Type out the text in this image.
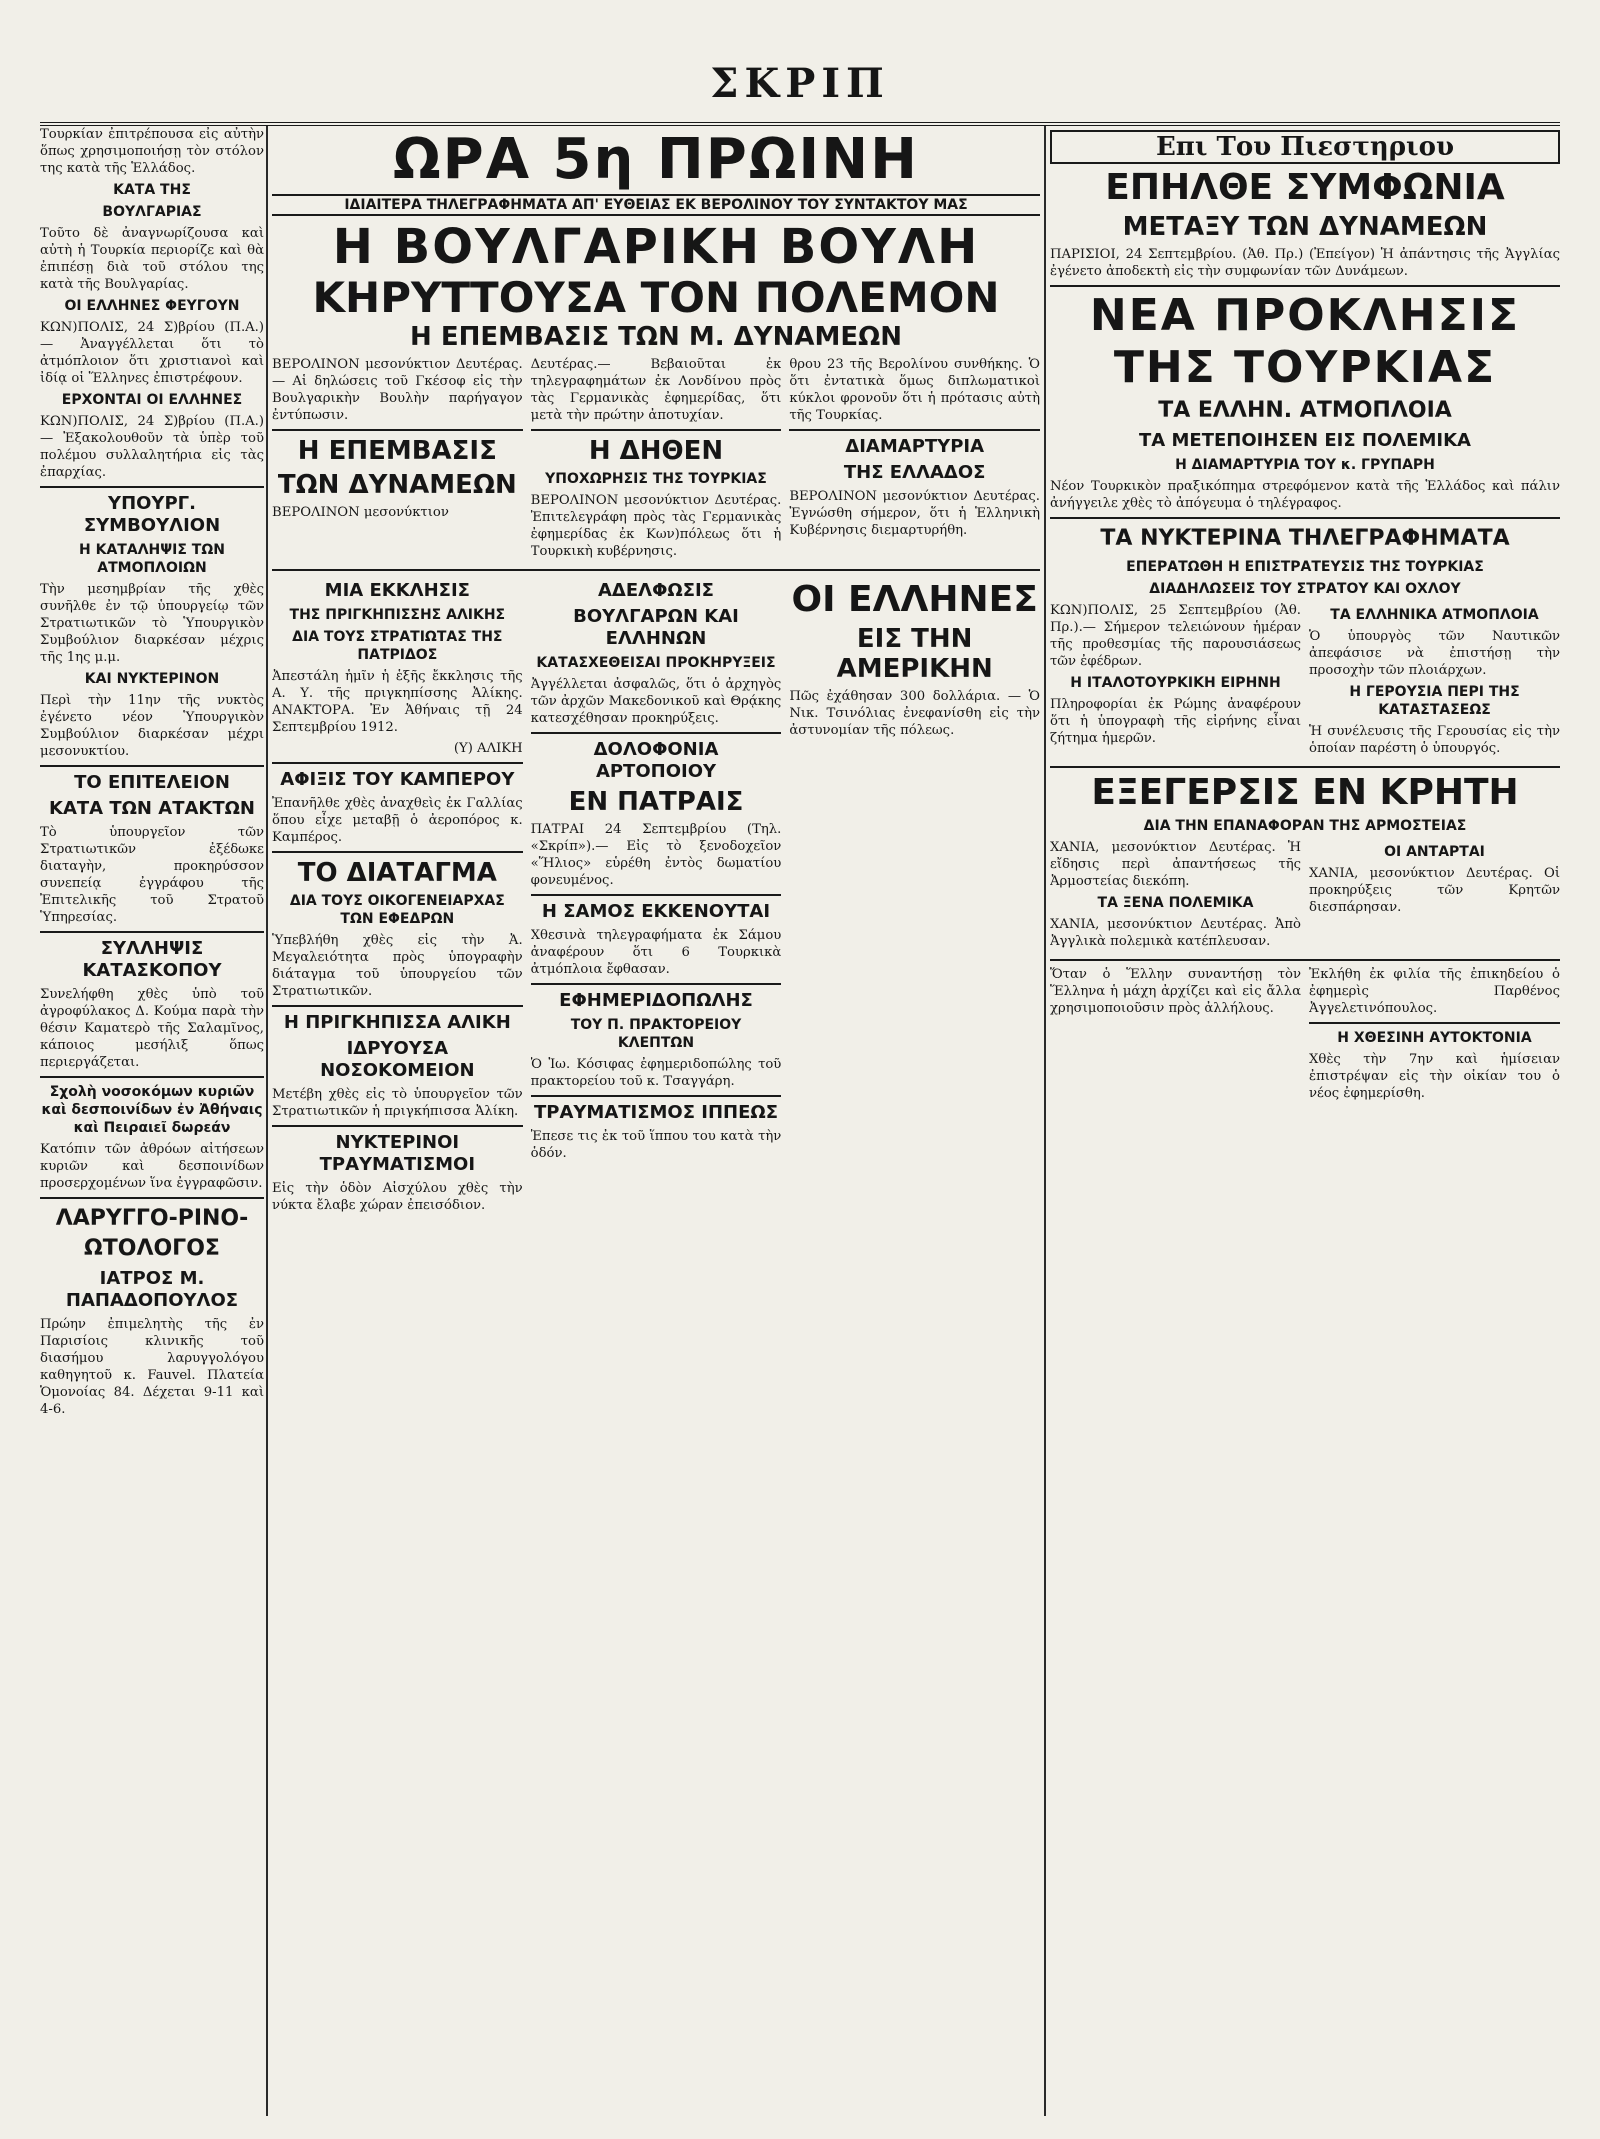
ΣΚΡΙΠ

Τουρκίαν ἐπιτρέπουσα εἰς αὐτὴν ὅπως χρησιμοποιήσῃ τὸν στόλον της κατὰ τῆς Ἑλλάδος.

ΚΑΤΑ ΤΗΣ
ΒΟΥΛΓΑΡΙΑΣ

Τοῦτο δὲ ἀναγνωρίζουσα καὶ αὐτὴ ἡ Τουρκία περιορίζε καὶ θὰ ἐπιπέσῃ διὰ τοῦ στόλου της κατὰ τῆς Βουλγαρίας.

ΟΙ ΕΛΛΗΝΕΣ ΦΕΥΓΟΥΝ

ΚΩΝ)ΠΟΛΙΣ, 24 Σ)βρίου (Π.Α.) — Ἀναγγέλλεται ὅτι τὸ ἀτμόπλοιον ὅτι χριστιανοὶ καὶ ἰδίᾳ οἱ Ἕλληνες ἐπιστρέφουν.

ΕΡΧΟΝΤΑΙ ΟΙ ΕΛΛΗΝΕΣ

ΚΩΝ)ΠΟΛΙΣ, 24 Σ)βρίου (Π.Α.) — Ἐξακολουθοῦν τὰ ὑπὲρ τοῦ πολέμου συλλαλητήρια εἰς τὰς ἐπαρχίας.

ΥΠΟΥΡΓ. ΣΥΜΒΟΥΛΙΟΝ
Η ΚΑΤΑΛΗΨΙΣ ΤΩΝ ΑΤΜΟΠΛΟΙΩΝ

Τὴν μεσημβρίαν τῆς χθὲς συνῆλθε ἐν τῷ ὑπουργείῳ τῶν Στρατιωτικῶν τὸ Ὑπουργικὸν Συμβούλιον διαρκέσαν μέχρις τῆς 1ης μ.μ.

ΚΑΙ ΝΥΚΤΕΡΙΝΟΝ

Περὶ τὴν 11ην τῆς νυκτὸς ἐγένετο νέον Ὑπουργικὸν Συμβούλιον διαρκέσαν μέχρι μεσονυκτίου.

ΤΟ ΕΠΙΤΕΛΕΙΟΝ
ΚΑΤΑ ΤΩΝ ΑΤΑΚΤΩΝ

Τὸ ὑπουργεῖον τῶν Στρατιωτικῶν ἐξέδωκε διαταγὴν, προκηρύσσον συνεπείᾳ ἐγγράφου τῆς Ἐπιτελικῆς τοῦ Στρατοῦ Ὑπηρεσίας.

ΣΥΛΛΗΨΙΣ ΚΑΤΑΣΚΟΠΟΥ

Συνελήφθη χθὲς ὑπὸ τοῦ ἀγροφύλακος Δ. Κούμα παρὰ τὴν θέσιν Καματερὸ τῆς Σαλαμῖνος, κάποιος μεσήλιξ ὅπως περιεργάζεται.

Σχολὴ νοσοκόμων κυριῶν καὶ δεσποινίδων ἐν Ἀθήναις καὶ Πειραιεῖ δωρεάν

Κατόπιν τῶν ἀθρόων αἰτήσεων κυριῶν καὶ δεσποινίδων προσερχομένων ἵνα ἐγγραφῶσιν.

ΛΑΡΥΓΓΟ-ΡΙΝΟ-ΩΤΟΛΟΓΟΣ
ΙΑΤΡΟΣ Μ. ΠΑΠΑΔΟΠΟΥΛΟΣ

Πρώην ἐπιμελητὴς τῆς ἐν Παρισίοις κλινικῆς τοῦ διασήμου λαρυγγολόγου καθηγητοῦ κ. Fauvel. Πλατεία Ὁμονοίας 84. Δέχεται 9-11 καὶ 4-6.

ΩΡΑ 5η ΠΡΩΙΝΗ
ΙΔΙΑΙΤΕΡΑ ΤΗΛΕΓΡΑΦΗΜΑΤΑ ΑΠ' ΕΥΘΕΙΑΣ ΕΚ ΒΕΡΟΛΙΝΟΥ ΤΟΥ ΣΥΝΤΑΚΤΟΥ ΜΑΣ
Η ΒΟΥΛΓΑΡΙΚΗ ΒΟΥΛΗ
ΚΗΡΥΤΤΟΥΣΑ ΤΟΝ ΠΟΛΕΜΟΝ
Η ΕΠΕΜΒΑΣΙΣ ΤΩΝ Μ. ΔΥΝΑΜΕΩΝ

ΒΕΡΟΛΙΝΟΝ μεσονύκτιον Δευτέρας.— Αἱ δηλώσεις τοῦ Γκέσοφ εἰς τὴν Βουλγαρικὴν Βουλὴν παρήγαγον ἐντύπωσιν.

Η ΕΠΕΜΒΑΣΙΣ
ΤΩΝ ΔΥΝΑΜΕΩΝ

ΒΕΡΟΛΙΝΟΝ μεσονύκτιον

Δευτέρας.— Βεβαιοῦται ἐκ τηλεγραφημάτων ἐκ Λονδίνου πρὸς τὰς Γερμανικὰς ἐφημερίδας, ὅτι μετὰ τὴν πρώτην ἀποτυχίαν.

Η ΔΗΘΕΝ
ΥΠΟΧΩΡΗΣΙΣ ΤΗΣ ΤΟΥΡΚΙΑΣ

ΒΕΡΟΛΙΝΟΝ μεσονύκτιον Δευτέρας. Ἐπιτελεγράφη πρὸς τὰς Γερμανικὰς ἐφημερίδας ἐκ Κων)πόλεως ὅτι ἡ Τουρκικὴ κυβέρνησις.

θρου 23 τῆς Βερολίνου συνθήκης. Ὁ ὅτι ἐντατικὰ ὅμως διπλωματικοὶ κύκλοι φρονοῦν ὅτι ἡ πρότασις αὐτὴ τῆς Τουρκίας.

ΔΙΑΜΑΡΤΥΡΙΑ
ΤΗΣ ΕΛΛΑΔΟΣ

ΒΕΡΟΛΙΝΟΝ μεσονύκτιον Δευτέρας. Ἐγνώσθη σήμερον, ὅτι ἡ Ἑλληνικὴ Κυβέρνησις διεμαρτυρήθη.

ΜΙΑ ΕΚΚΛΗΣΙΣ
ΤΗΣ ΠΡΙΓΚΗΠΙΣΣΗΣ ΑΛΙΚΗΣ
ΔΙΑ ΤΟΥΣ ΣΤΡΑΤΙΩΤΑΣ ΤΗΣ ΠΑΤΡΙΔΟΣ

Ἀπεστάλη ἡμῖν ἡ ἑξῆς ἔκκλησις τῆς Α. Υ. τῆς πριγκηπίσσης Ἀλίκης. ΑΝΑΚΤΟΡΑ. Ἐν Ἀθήναις τῇ 24 Σεπτεμβρίου 1912.

(Υ) ΑΛΙΚΗ

ΑΦΙΞΙΣ ΤΟΥ ΚΑΜΠΕΡΟΥ

Ἐπανῆλθε χθὲς ἀναχθεὶς ἐκ Γαλλίας ὅπου εἶχε μεταβῇ ὁ ἀεροπόρος κ. Καμπέρος.

ΤΟ ΔΙΑΤΑΓΜΑ
ΔΙΑ ΤΟΥΣ ΟΙΚΟΓΕΝΕΙΑΡΧΑΣ ΤΩΝ ΕΦΕΔΡΩΝ

Ὑπεβλήθη χθὲς εἰς τὴν Ἀ. Μεγαλειότητα πρὸς ὑπογραφὴν διάταγμα τοῦ ὑπουργείου τῶν Στρατιωτικῶν.

Η ΠΡΙΓΚΗΠΙΣΣΑ ΑΛΙΚΗ
ΙΔΡΥΟΥΣΑ ΝΟΣΟΚΟΜΕΙΟΝ

Μετέβη χθὲς εἰς τὸ ὑπουργεῖον τῶν Στρατιωτικῶν ἡ πριγκήπισσα Ἀλίκη.

ΝΥΚΤΕΡΙΝΟΙ ΤΡΑΥΜΑΤΙΣΜΟΙ

Εἰς τὴν ὁδὸν Αἰσχύλου χθὲς τὴν νύκτα ἔλαβε χώραν ἐπεισόδιον.

ΑΔΕΛΦΩΣΙΣ
ΒΟΥΛΓΑΡΩΝ ΚΑΙ ΕΛΛΗΝΩΝ
ΚΑΤΑΣΧΕΘΕΙΣΑΙ ΠΡΟΚΗΡΥΞΕΙΣ

Ἀγγέλλεται ἀσφαλῶς, ὅτι ὁ ἀρχηγὸς τῶν ἀρχῶν Μακεδονικοῦ καὶ Θρᾴκης κατεσχέθησαν προκηρύξεις.

ΔΟΛΟΦΟΝΙΑ ΑΡΤΟΠΟΙΟΥ
ΕΝ ΠΑΤΡΑΙΣ

ΠΑΤΡΑΙ 24 Σεπτεμβρίου (Τηλ. «Σκρίπ»).— Εἰς τὸ ξενοδοχεῖον «Ἥλιος» εὑρέθη ἐντὸς δωματίου φονευμένος.

Η ΣΑΜΟΣ ΕΚΚΕΝΟΥΤΑΙ

Χθεσινὰ τηλεγραφήματα ἐκ Σάμου ἀναφέρουν ὅτι 6 Τουρκικὰ ἀτμόπλοια ἔφθασαν.

ΕΦΗΜΕΡΙΔΟΠΩΛΗΣ
ΤΟΥ Π. ΠΡΑΚΤΟΡΕΙΟΥ ΚΛΕΠΤΩΝ

Ὁ Ἰω. Κόσιφας ἐφημεριδοπώλης τοῦ πρακτορείου τοῦ κ. Τσαγγάρη.

ΤΡΑΥΜΑΤΙΣΜΟΣ ΙΠΠΕΩΣ

Ἐπεσε τις ἐκ τοῦ ἵππου του κατὰ τὴν ὁδόν.

ΟΙ ΕΛΛΗΝΕΣ
ΕΙΣ ΤΗΝ ΑΜΕΡΙΚΗΝ

Πῶς ἐχάθησαν 300 δολλάρια. — Ὁ Νικ. Τσινόλιας ἐνεφανίσθη εἰς τὴν ἀστυνομίαν τῆς πόλεως.

Επι Του Πιεστηριου
ΕΠΗΛΘΕ ΣΥΜΦΩΝΙΑ
ΜΕΤΑΞΥ ΤΩΝ ΔΥΝΑΜΕΩΝ

ΠΑΡΙΣΙΟΙ, 24 Σεπτεμβρίου. (Ἀθ. Πρ.) (Ἐπείγον) Ἡ ἀπάντησις τῆς Ἀγγλίας ἐγένετο ἀποδεκτὴ εἰς τὴν συμφωνίαν τῶν Δυνάμεων.

ΝΕΑ ΠΡΟΚΛΗΣΙΣ
ΤΗΣ ΤΟΥΡΚΙΑΣ
ΤΑ ΕΛΛΗΝ. ΑΤΜΟΠΛΟΙΑ
ΤΑ ΜΕΤΕΠΟΙΗΣΕΝ ΕΙΣ ΠΟΛΕΜΙΚΑ
Η ΔΙΑΜΑΡΤΥΡΙΑ ΤΟΥ κ. ΓΡΥΠΑΡΗ

Νέον Τουρκικὸν πραξικόπημα στρεφόμενον κατὰ τῆς Ἑλλάδος καὶ πάλιν ἀνήγγειλε χθὲς τὸ ἀπόγευμα ὁ τηλέγραφος.

ΤΑ ΝΥΚΤΕΡΙΝΑ ΤΗΛΕΓΡΑΦΗΜΑΤΑ
ΕΠΕΡΑΤΩΘΗ Η ΕΠΙΣΤΡΑΤΕΥΣΙΣ ΤΗΣ ΤΟΥΡΚΙΑΣ
ΔΙΑΔΗΛΩΣΕΙΣ ΤΟΥ ΣΤΡΑΤΟΥ ΚΑΙ ΟΧΛΟΥ

ΚΩΝ)ΠΟΛΙΣ, 25 Σεπτεμβρίου (Ἀθ. Πρ.).— Σήμερον τελειώνουν ἡμέραν τῆς προθεσμίας τῆς παρουσιάσεως τῶν ἐφέδρων.

Η ΙΤΑΛΟΤΟΥΡΚΙΚΗ ΕΙΡΗΝΗ

Πληροφορίαι ἐκ Ρώμης ἀναφέρουν ὅτι ἡ ὑπογραφὴ τῆς εἰρήνης εἶναι ζήτημα ἡμερῶν.

ΤΑ ΕΛΛΗΝΙΚΑ ΑΤΜΟΠΛΟΙΑ

Ὁ ὑπουργὸς τῶν Ναυτικῶν ἀπεφάσισε νὰ ἐπιστήσῃ τὴν προσοχὴν τῶν πλοιάρχων.

Η ΓΕΡΟΥΣΙΑ ΠΕΡΙ ΤΗΣ ΚΑΤΑΣΤΑΣΕΩΣ

Ἡ συνέλευσις τῆς Γερουσίας εἰς τὴν ὁποίαν παρέστη ὁ ὑπουργός.

ΕΞΕΓΕΡΣΙΣ ΕΝ ΚΡΗΤΗ
ΔΙΑ ΤΗΝ ΕΠΑΝΑΦΟΡΑΝ ΤΗΣ ΑΡΜΟΣΤΕΙΑΣ

ΧΑΝΙΑ, μεσονύκτιον Δευτέρας. Ἡ εἴδησις περὶ ἀπαντήσεως τῆς Ἀρμοστείας διεκόπη.

ΤΑ ΞΕΝΑ ΠΟΛΕΜΙΚΑ

ΧΑΝΙΑ, μεσονύκτιον Δευτέρας. Ἀπὸ Ἀγγλικὰ πολεμικὰ κατέπλευσαν.

ΟΙ ΑΝΤΑΡΤΑΙ

ΧΑΝΙΑ, μεσονύκτιον Δευτέρας. Οἱ προκηρύξεις τῶν Κρητῶν διεσπάρησαν.

Ὅταν ὁ Ἕλλην συναντήσῃ τὸν Ἕλληνα ἡ μάχη ἀρχίζει καὶ εἰς ἄλλα χρησιμοποιοῦσιν πρὸς ἀλλήλους.

Ἐκλήθη ἐκ φιλία τῆς ἐπικηδείου ὁ ἐφημερὶς Παρθένος Ἀγγελετινόπουλος.

Η ΧΘΕΣΙΝΗ ΑΥΤΟΚΤΟΝΙΑ

Χθὲς τὴν 7ην καὶ ἡμίσειαν ἐπιστρέψαν εἰς τὴν οἰκίαν του ὁ νέος ἐφημερίσθη.
